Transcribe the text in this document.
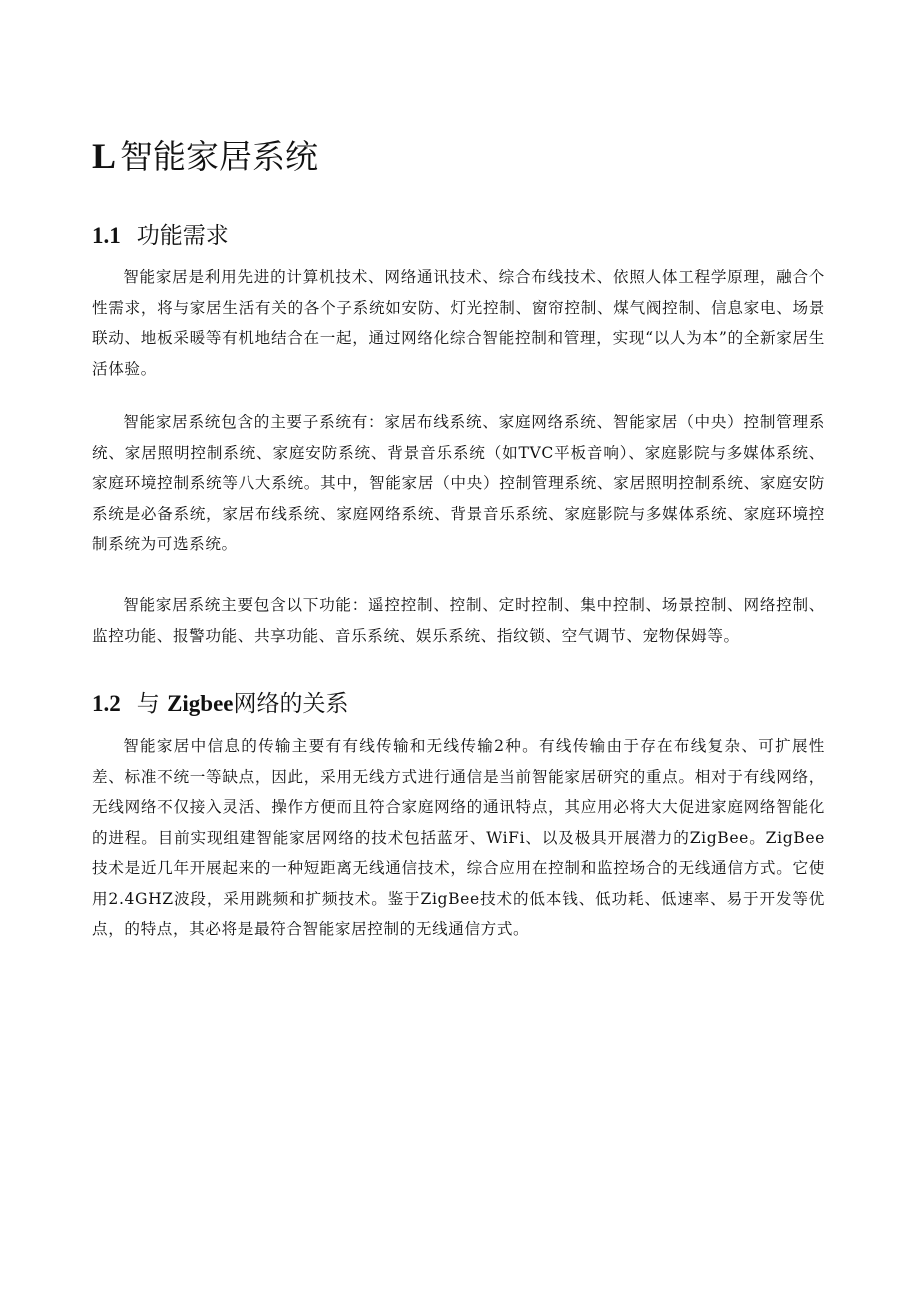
L 智能家居系统
1.1 功能需求

智能家居是利用先进的计算机技术、网络通讯技术、综合布线技术、依照人体工程学原理，融合个性需求，将与家居生活有关的各个子系统如安防、灯光控制、窗帘控制、煤气阀控制、信息家电、场景联动、地板采暖等有机地结合在一起，通过网络化综合智能控制和管理，实现“以人为本”的全新家居生活体验。

智能家居系统包含的主要子系统有：家居布线系统、家庭网络系统、智能家居（中央）控制管理系统、家居照明控制系统、家庭安防系统、背景音乐系统（如TVC平板音响）、家庭影院与多媒体系统、家庭环境控制系统等八大系统。其中，智能家居（中央）控制管理系统、家居照明控制系统、家庭安防系统是必备系统，家居布线系统、家庭网络系统、背景音乐系统、家庭影院与多媒体系统、家庭环境控制系统为可选系统。

智能家居系统主要包含以下功能：遥控控制、控制、定时控制、集中控制、场景控制、网络控制、监控功能、报警功能、共享功能、音乐系统、娱乐系统、指纹锁、空气调节、宠物保姆等。

1.2 与 Zigbee网络的关系

智能家居中信息的传输主要有有线传输和无线传输2种。有线传输由于存在布线复杂、可扩展性差、标准不统一等缺点，因此，采用无线方式进行通信是当前智能家居研究的重点。相对于有线网络，无线网络不仅接入灵活、操作方便而且符合家庭网络的通讯特点，其应用必将大大促进家庭网络智能化的进程。目前实现组建智能家居网络的技术包括蓝牙、WiFi、以及极具开展潜力的ZigBee。ZigBee技术是近几年开展起来的一种短距离无线通信技术，综合应用在控制和监控场合的无线通信方式。它使用2.4GHZ波段，采用跳频和扩频技术。鉴于ZigBee技术的低本钱、低功耗、低速率、易于开发等优点，的特点，其必将是最符合智能家居控制的无线通信方式。
